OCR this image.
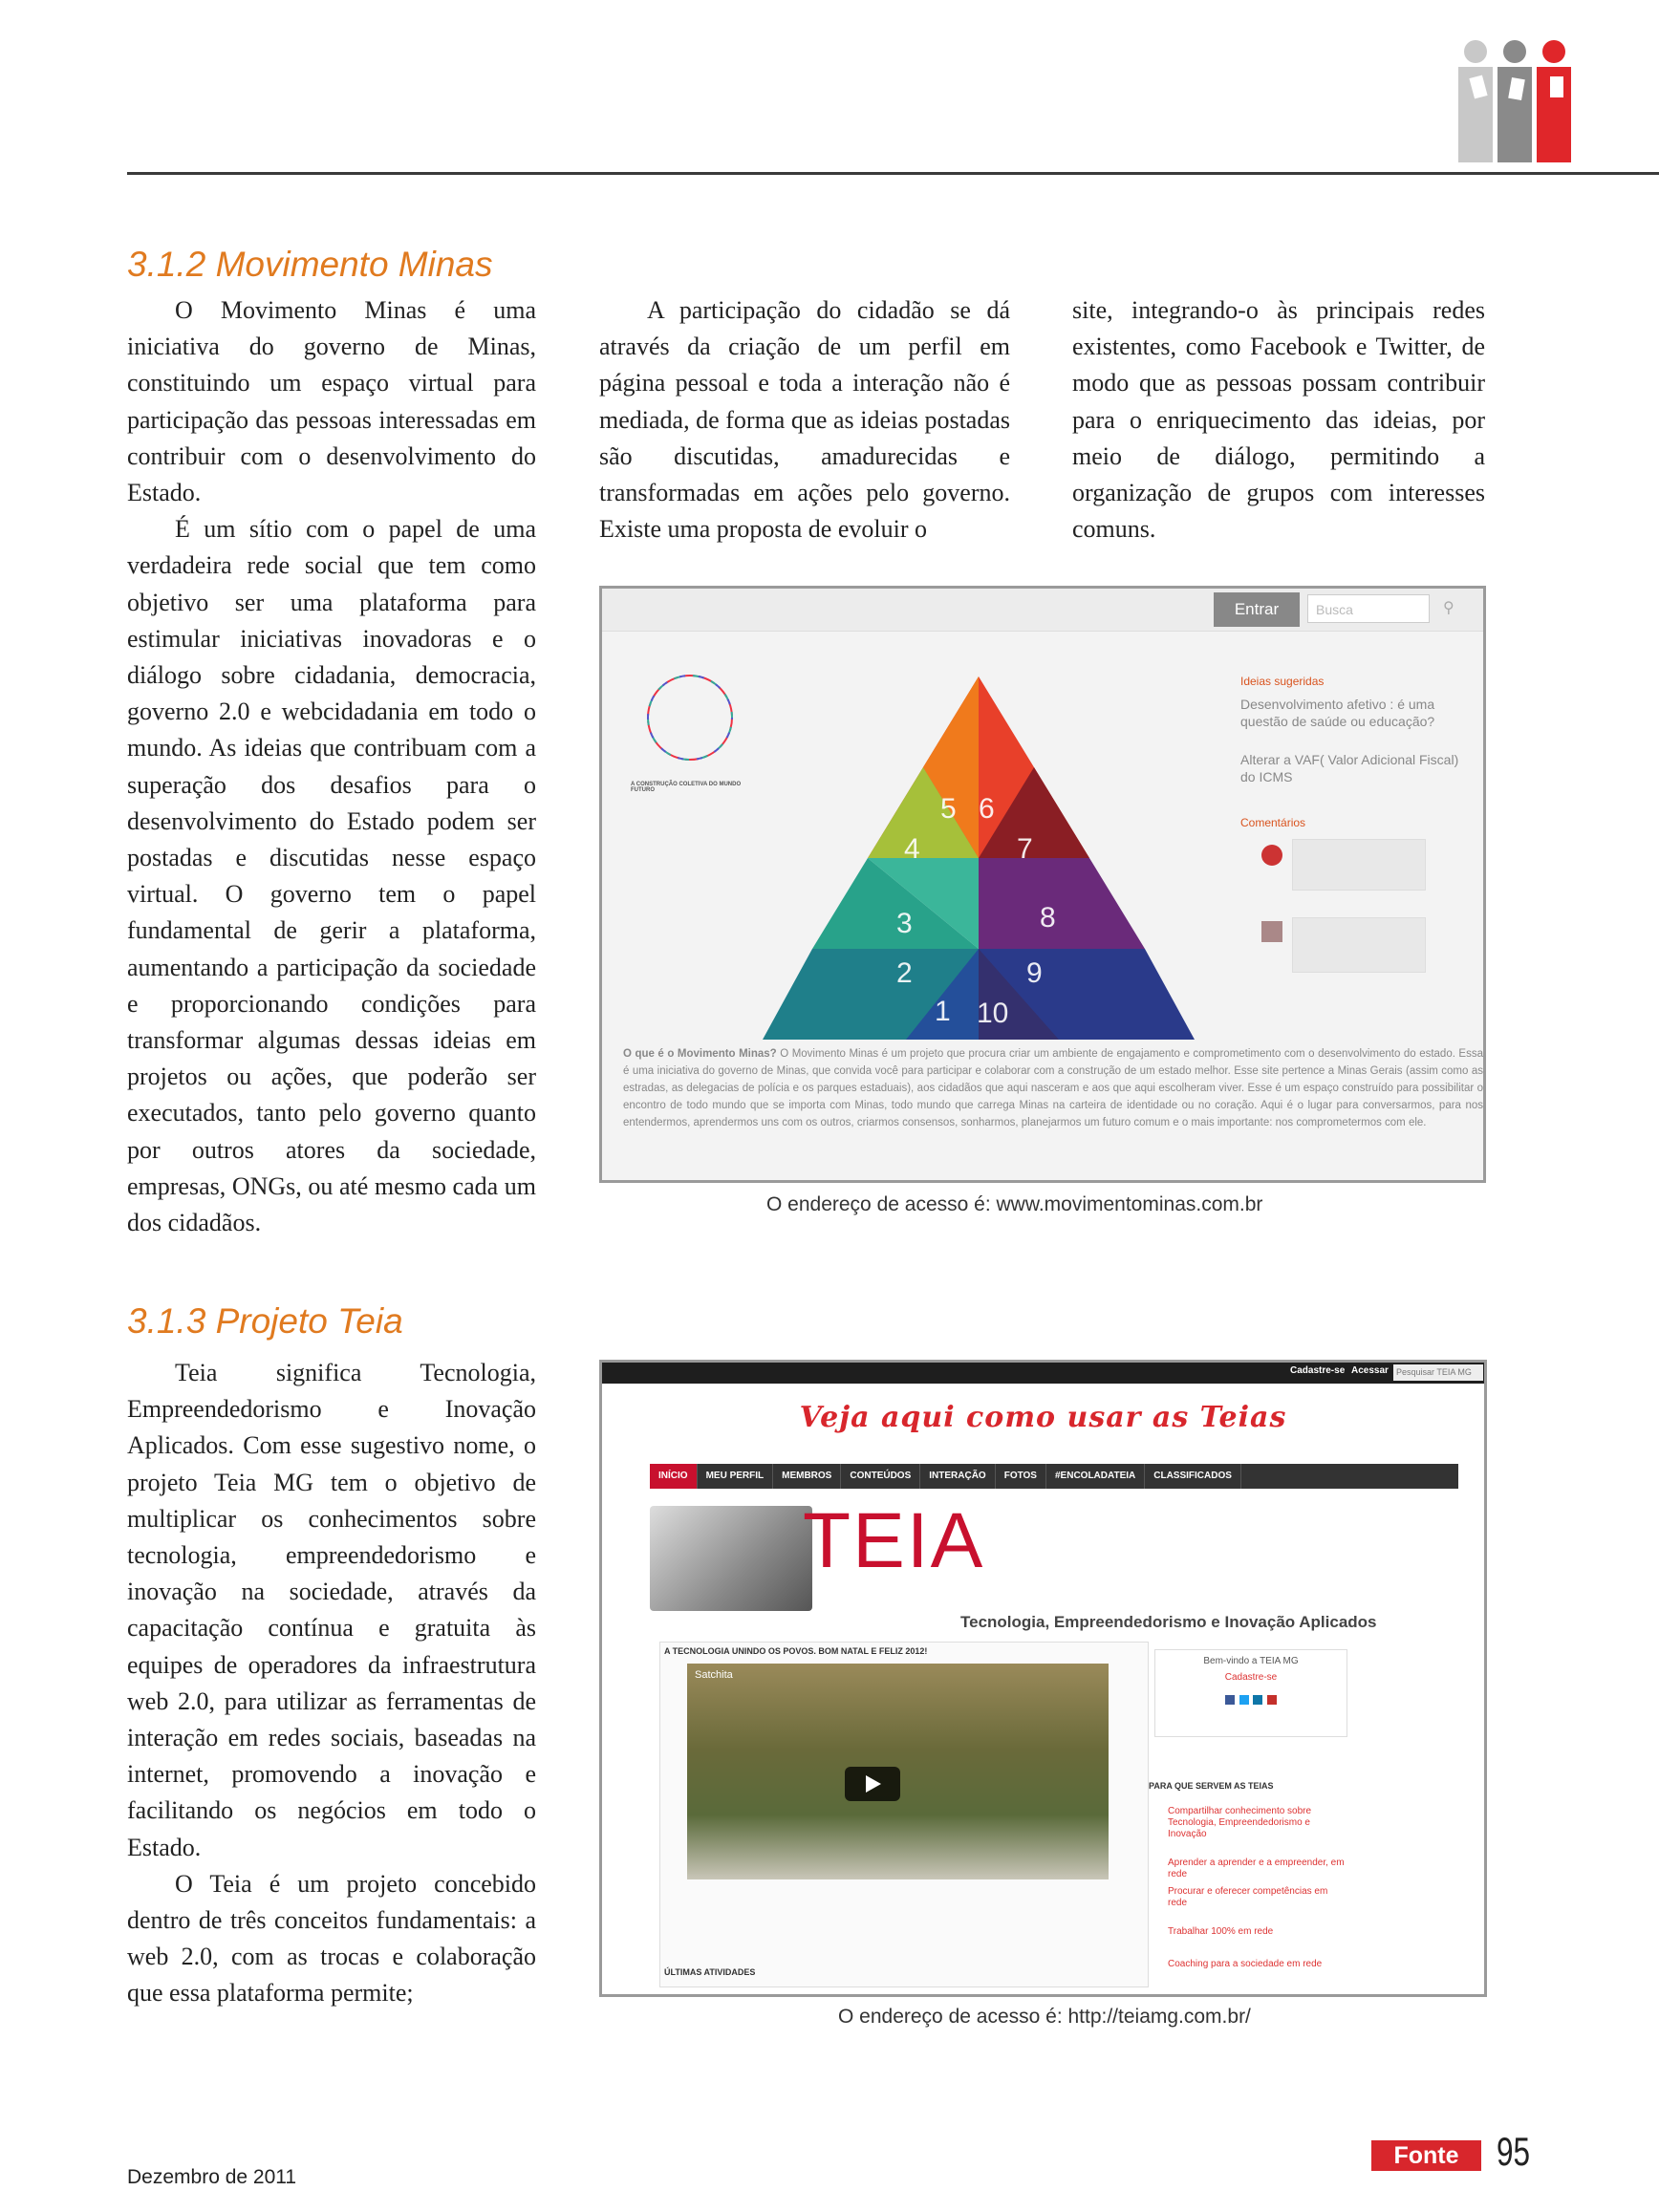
3.1.2 Movimento Minas

O Movimento Minas é uma iniciativa do governo de Minas, constituindo um espaço virtual para participação das pessoas interessadas em contribuir com o desenvolvimento do Estado.

É um sítio com o papel de uma verdadeira rede social que tem como objetivo ser uma plataforma para estimular iniciativas inovadoras e o diálogo sobre cidadania, democracia, governo 2.0 e webcidadania em todo o mundo. As ideias que contribuam com a superação dos desafios para o desenvolvimento do Estado podem ser postadas e discutidas nesse espaço virtual. O governo tem o papel fundamental de gerir a plataforma, aumentando a participação da sociedade e proporcionando condições para transformar algumas dessas ideias em projetos ou ações, que poderão ser executados, tanto pelo governo quanto por outros atores da sociedade, empresas, ONGs, ou até mesmo cada um dos cidadãos.

A participação do cidadão se dá através da criação de um perfil em página pessoal e toda a interação não é mediada, de forma que as ideias postadas são discutidas, amadurecidas e transformadas em ações pelo governo. Existe uma proposta de evoluir o

site, integrando-o às principais redes existentes, como Facebook e Twitter, de modo que as pessoas possam contribuir para o enriquecimento das ideias, por meio de diálogo, permitindo a organização de grupos com interesses comuns.

Entrar	Busca	⚲
A CONSTRUÇÃO COLETIVA DO MUNDO FUTURO
1
2
3
4
5 6
7
8
9
10
Ideias sugeridas
Desenvolvimento afetivo : é uma questão de saúde ou educação?
Alterar a VAF( Valor Adicional Fiscal) do ICMS
Comentários
O que é o Movimento Minas? O Movimento Minas é um projeto que procura criar um ambiente de engajamento e comprometimento com o desenvolvimento do estado. Essa é uma iniciativa do governo de Minas, que convida você para participar e colaborar com a construção de um estado melhor. Esse site pertence a Minas Gerais (assim como as estradas, as delegacias de polícia e os parques estaduais), aos cidadãos que aqui nasceram e aos que aqui escolheram viver. Esse é um espaço construído para possibilitar o encontro de todo mundo que se importa com Minas, todo mundo que carrega Minas na carteira de identidade ou no coração. Aqui é o lugar para conversarmos, para nos entendermos, aprendermos uns com os outros, criarmos consensos, sonharmos, planejarmos um futuro comum e o mais importante: nos comprometermos com ele.
O endereço de acesso é: www.movimentominas.com.br
3.1.3 Projeto Teia

Teia significa Tecnologia, Empreendedorismo e Inovação Aplicados. Com esse sugestivo nome, o projeto Teia MG tem o objetivo de multiplicar os conhecimentos sobre tecnologia, empreendedorismo e inovação na sociedade, através da capacitação contínua e gratuita às equipes de operadores da infraestrutura web 2.0, para utilizar as ferramentas de interação em redes sociais, baseadas na internet, promovendo a inovação e facilitando os negócios em todo o Estado.

O Teia é um projeto concebido dentro de três conceitos fundamentais: a web 2.0, com as trocas e colaboração que essa plataforma permite;

Cadastre-se Acessar Pesquisar TEIA MG
Veja aqui como usar as Teias
INÍCIO	MEU PERFIL	MEMBROS	CONTEÚDOS	INTERAÇÃO	FOTOS	#ENCOLADATEIA	CLASSIFICADOS
TEIA
Tecnologia, Empreendedorismo e Inovação Aplicados
A TECNOLOGIA UNINDO OS POVOS. BOM NATAL E FELIZ 2012!
Satchita
ÚLTIMAS ATIVIDADES
Bem-vindo a TEIA MG
Cadastre-se

PARA QUE SERVEM AS TEIAS
Compartilhar conhecimento sobre Tecnologia, Empreendedorismo e Inovação
Aprender a aprender e a empreender, em rede
Procurar e oferecer competências em rede
Trabalhar 100% em rede
Coaching para a sociedade em rede
O endereço de acesso é: http://teiamg.com.br/
Dezembro de 2011
Fonte 95
